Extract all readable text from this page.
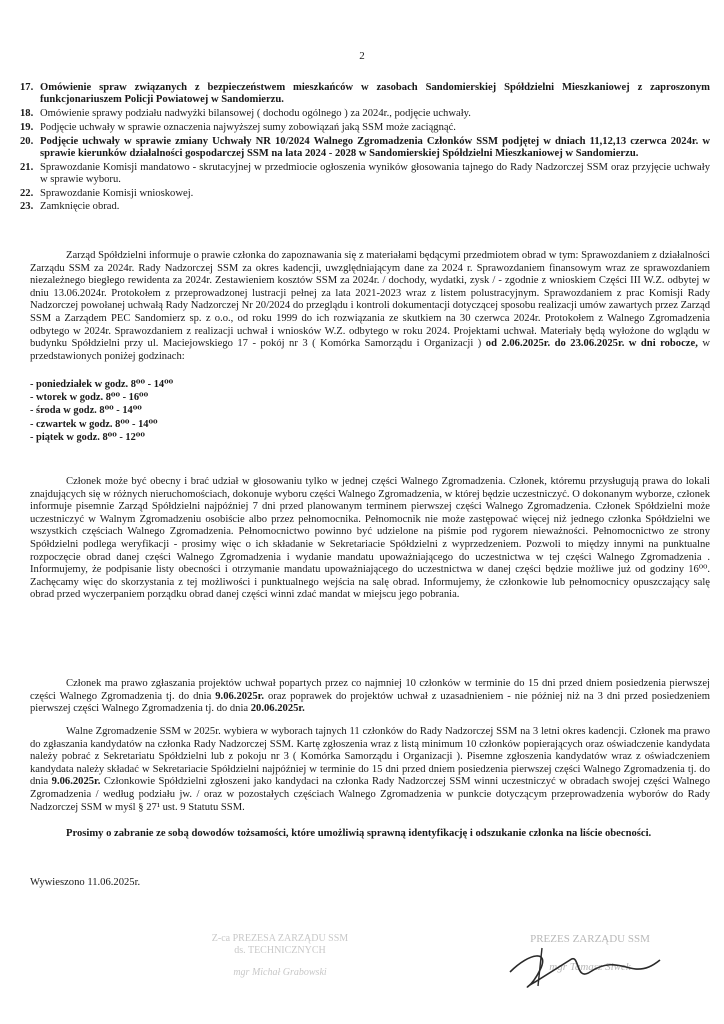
2
17. Omówienie spraw związanych z bezpieczeństwem mieszkańców w zasobach Sandomierskiej Spółdzielni Mieszkaniowej z zaproszonym funkcjonariuszem Policji Powiatowej w Sandomierzu.
18. Omówienie sprawy podziału nadwyżki bilansowej ( dochodu ogólnego ) za 2024r., podjęcie uchwały.
19. Podjęcie uchwały w sprawie oznaczenia najwyższej sumy zobowiązań jaką SSM może zaciągnąć.
20. Podjęcie uchwały w sprawie zmiany Uchwały NR 10/2024 Walnego Zgromadzenia Członków SSM podjętej w dniach 11,12,13 czerwca 2024r. w sprawie kierunków działalności gospodarczej SSM na lata 2024 - 2028 w Sandomierskiej Spółdzielni Mieszkaniowej w Sandomierzu.
21. Sprawozdanie Komisji mandatowo - skrutacyjnej w przedmiocie ogłoszenia wyników głosowania tajnego do Rady Nadzorczej SSM oraz przyjęcie uchwały w sprawie wyboru.
22. Sprawozdanie Komisji wnioskowej.
23. Zamknięcie obrad.
Zarząd Spółdzielni informuje o prawie członka do zapoznawania się z materiałami będącymi przedmiotem obrad w tym: Sprawozdaniem z działalności Zarządu SSM za 2024r. Rady Nadzorczej SSM za okres kadencji, uwzględniającym dane za 2024 r. Sprawozdaniem finansowym wraz ze sprawozdaniem niezależnego biegłego rewidenta za 2024r. Zestawieniem kosztów SSM za 2024r. / dochody, wydatki, zysk / - zgodnie z wnioskiem Części III W.Z. odbytej w dniu 13.06.2024r. Protokołem z przeprowadzonej lustracji pełnej za lata 2021-2023 wraz z listem polustracyjnym. Sprawozdaniem z prac Komisji Rady Nadzorczej powołanej uchwałą Rady Nadzorczej Nr 20/2024 do przeglądu i kontroli dokumentacji dotyczącej sposobu realizacji umów zawartych przez Zarząd SSM a Zarządem PEC Sandomierz sp. z o.o., od roku 1999 do ich rozwiązania ze skutkiem na 30 czerwca 2024r. Protokołem z Walnego Zgromadzenia odbytego w 2024r. Sprawozdaniem z realizacji uchwał i wniosków W.Z. odbytego w roku 2024. Projektami uchwał. Materiały będą wyłożone do wglądu w budynku Spółdzielni przy ul. Maciejowskiego 17 - pokój nr 3 ( Komórka Samorządu i Organizacji ) od 2.06.2025r. do 23.06.2025r. w dni robocze, w przedstawionych poniżej godzinach:
- poniedziałek w godz. 8⁰⁰ - 14⁰⁰
- wtorek w godz. 8⁰⁰ - 16⁰⁰
- środa w godz. 8⁰⁰ - 14⁰⁰
- czwartek w godz. 8⁰⁰ - 14⁰⁰
- piątek w godz. 8⁰⁰ - 12⁰⁰
Członek może być obecny i brać udział w głosowaniu tylko w jednej części Walnego Zgromadzenia. Członek, któremu przysługują prawa do lokali znajdujących się w różnych nieruchomościach, dokonuje wyboru części Walnego Zgromadzenia, w której będzie uczestniczyć. O dokonanym wyborze, członek informuje pisemnie Zarząd Spółdzielni najpóźniej 7 dni przed planowanym terminem pierwszej części Walnego Zgromadzenia. Członek Spółdzielni może uczestniczyć w Walnym Zgromadzeniu osobiście albo przez pełnomocnika. Pełnomocnik nie może zastępować więcej niż jednego członka Spółdzielni we wszystkich częściach Walnego Zgromadzenia. Pełnomocnictwo powinno być udzielone na piśmie pod rygorem nieważności. Pełnomocnictwo ze strony Spółdzielni podlega weryfikacji - prosimy więc o ich składanie w Sekretariacie Spółdzielni z wyprzedzeniem. Pozwoli to między innymi na punktualne rozpoczęcie obrad danej części Walnego Zgromadzenia i wydanie mandatu upoważniającego do uczestnictwa w tej części Walnego Zgromadzenia . Informujemy, że podpisanie listy obecności i otrzymanie mandatu upoważniającego do uczestnictwa w danej części będzie możliwe już od godziny 16⁰⁰. Zachęcamy więc do skorzystania z tej możliwości i punktualnego wejścia na salę obrad. Informujemy, że członkowie lub pełnomocnicy opuszczający salę obrad przed wyczerpaniem porządku obrad danej części winni zdać mandat w miejscu jego pobrania.
Członek ma prawo zgłaszania projektów uchwał popartych przez co najmniej 10 członków w terminie do 15 dni przed dniem posiedzenia pierwszej części Walnego Zgromadzenia tj. do dnia 9.06.2025r. oraz poprawek do projektów uchwał z uzasadnieniem - nie później niż na 3 dni przed posiedzeniem pierwszej części Walnego Zgromadzenia tj. do dnia 20.06.2025r.
Walne Zgromadzenie SSM w 2025r. wybiera w wyborach tajnych 11 członków do Rady Nadzorczej SSM na 3 letni okres kadencji. Członek ma prawo do zgłaszania kandydatów na członka Rady Nadzorczej SSM. Kartę zgłoszenia wraz z listą minimum 10 członków popierających oraz oświadczenie kandydata należy pobrać z Sekretariatu Spółdzielni lub z pokoju nr 3 ( Komórka Samorządu i Organizacji ). Pisemne zgłoszenia kandydatów wraz z oświadczeniem kandydata należy składać w Sekretariacie Spółdzielni najpóźniej w terminie do 15 dni przed dniem posiedzenia pierwszej części Walnego Zgromadzenia tj. do dnia 9.06.2025r. Członkowie Spółdzielni zgłoszeni jako kandydaci na członka Rady Nadzorczej SSM winni uczestniczyć w obradach swojej części Walnego Zgromadzenia / według podziału jw. / oraz w pozostałych częściach Walnego Zgromadzenia w punkcie dotyczącym przeprowadzenia wyborów do Rady Nadzorczej SSM w myśl § 27¹ ust. 9 Statutu SSM.
Prosimy o zabranie ze sobą dowodów tożsamości, które umożliwią sprawną identyfikację i odszukanie członka na liście obecności.
Wywieszono 11.06.2025r.
Z-ca PREZESA ZARZĄDU SSM
ds. TECHNICZNYCH
mgr Michał Grabowski
PREZES ZARZĄDU SSM
mgr Tamasz Siwek
